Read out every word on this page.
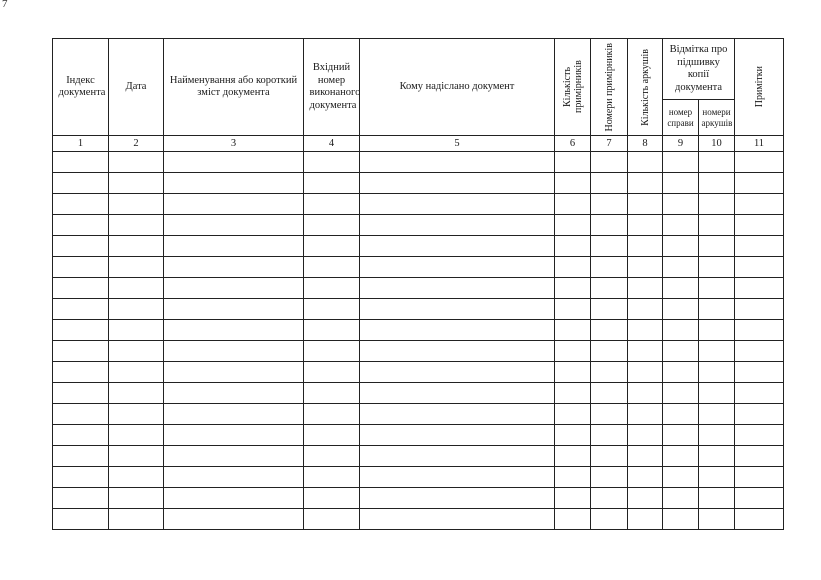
7
Індекс документа	Дата	Найменування або короткий зміст документа	Вхідний номер виконаного документа	Кому надіслано документ	Кількість примірників	Номери примірників	Кількість аркушів	Відмітка про підшивку копії документа		Примітки

								номер справи	номери аркушів	
1	2	3	4	5	6	7	8	9	10	11
